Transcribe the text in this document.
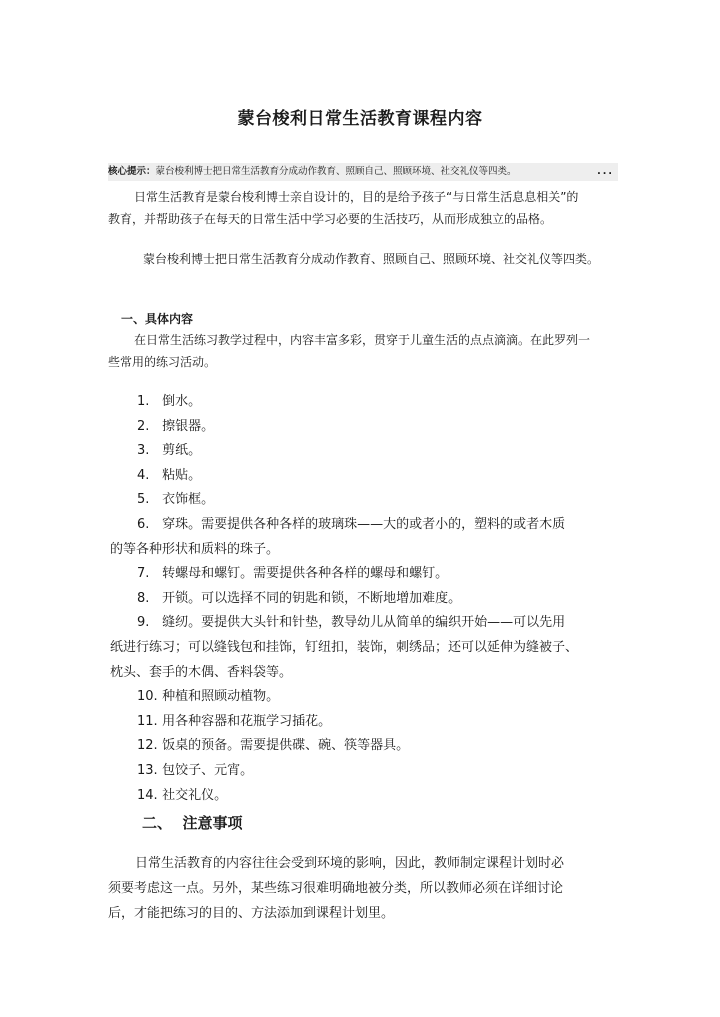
蒙台梭利日常生活教育课程内容
核心提示：蒙台梭利博士把日常生活教育分成动作教育、照顾自己、照顾环境、社交礼仪等四类。	...
日常生活教育是蒙台梭利博士亲自设计的，目的是给予孩子“与日常生活息息相关”的
教育，并帮助孩子在每天的日常生活中学习必要的生活技巧，从而形成独立的品格。
蒙台梭利博士把日常生活教育分成动作教育、照顾自己、照顾环境、社交礼仪等四类。
一、具体内容
在日常生活练习教学过程中，内容丰富多彩，贯穿于儿童生活的点点滴滴。在此罗列一
些常用的练习活动。
1. 倒水。
2. 擦银器。
3. 剪纸。
4. 粘贴。
5. 衣饰框。
6. 穿珠。需要提供各种各样的玻璃珠——大的或者小的，塑料的或者木质
的等各种形状和质料的珠子。
7. 转螺母和螺钉。需要提供各种各样的螺母和螺钉。
8. 开锁。可以选择不同的钥匙和锁，不断地增加难度。
9. 缝纫。要提供大头针和针垫，教导幼儿从简单的编织开始——可以先用
纸进行练习；可以缝钱包和挂饰，钉纽扣，装饰，刺绣品；还可以延伸为缝被子、
枕头、套手的木偶、香料袋等。
10. 种植和照顾动植物。
11. 用各种容器和花瓶学习插花。
12. 饭桌的预备。需要提供碟、碗、筷等器具。
13. 包饺子、元宵。
14. 社交礼仪。
二、 注意事项
日常生活教育的内容往往会受到环境的影响，因此，教师制定课程计划时必
须要考虑这一点。另外，某些练习很难明确地被分类，所以教师必须在详细讨论
后，才能把练习的目的、方法添加到课程计划里。
